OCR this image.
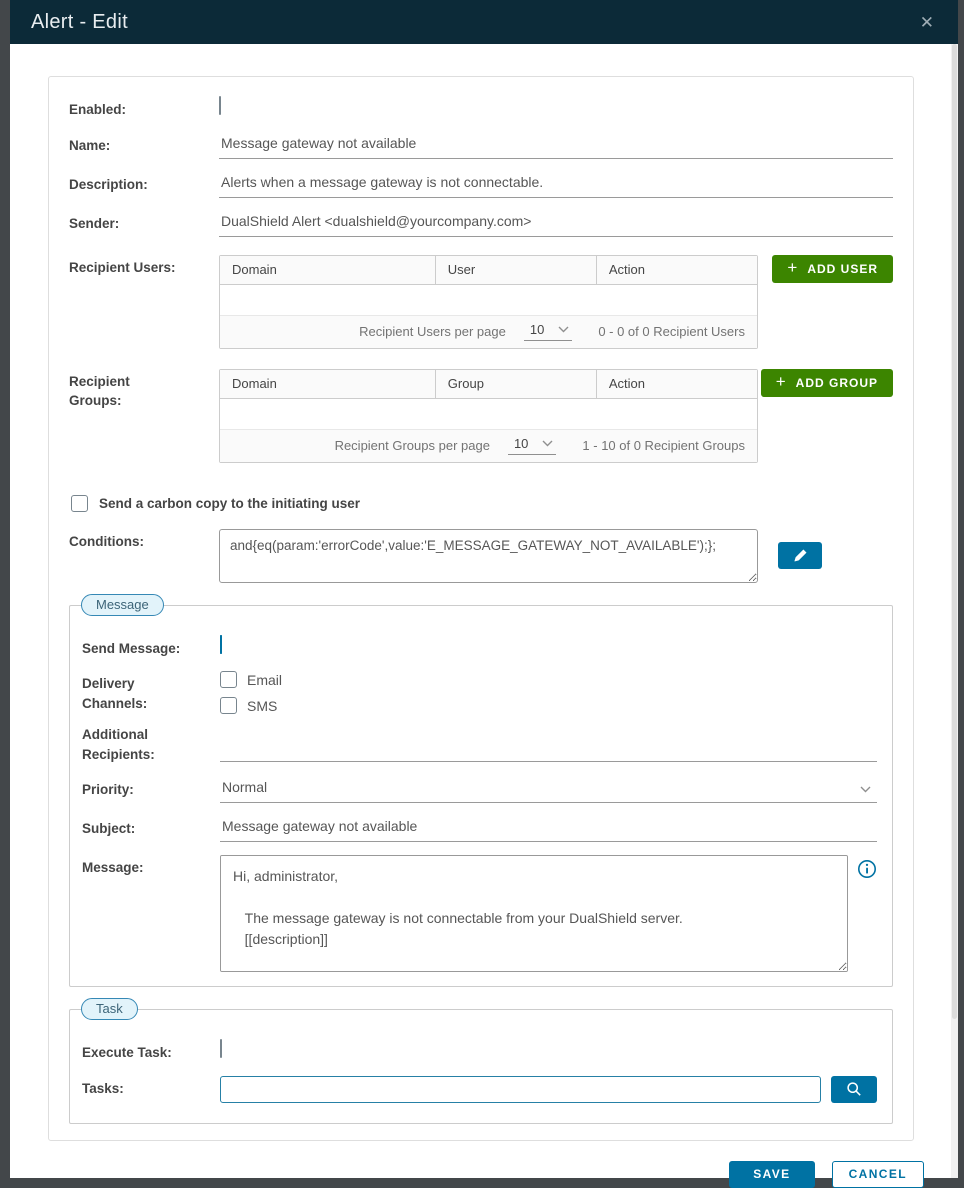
Alert - Edit	✕
Enabled:
Name:
Message gateway not available
Description:
Alerts when a message gateway is not connectable.
Sender:
DualShield Alert <dualshield@yourcompany.com>
Recipient Users:	Domain	User	Action
Recipient Users per page 10	0 - 0 of 0 Recipient Users
+ ADD USER
Recipient Groups:
Domain	Group	Action
Recipient Groups per page 10	1 - 10 of 0 Recipient Groups
+ ADD GROUP
Send a carbon copy to the initiating user
Conditions:
and{eq(param:'errorCode',value:'E_MESSAGE_GATEWAY_NOT_AVAILABLE');};
Message
Send Message:
Delivery Channels:
Email
SMS
Additional Recipients:
Priority:
Normal
Subject:
Message gateway not available
Message:
Hi, administrator, The message gateway is not connectable from your DualShield server. [[description]] Regards, DualShield
Task
Execute Task:
Tasks:
SAVE	CANCEL
